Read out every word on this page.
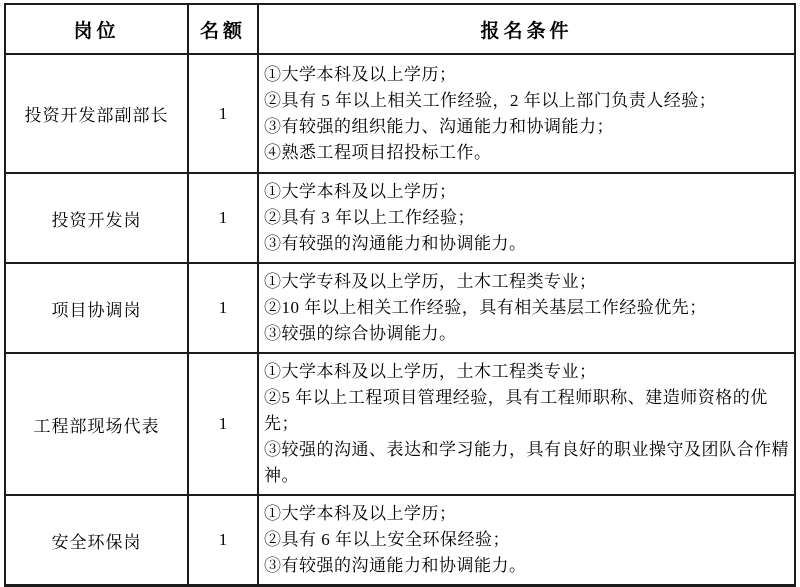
岗位	名额	报名条件
投资开发部副部长	1	①大学本科及以上学历；
②具有 5 年以上相关工作经验，2 年以上部门负责人经验；
③有较强的组织能力、沟通能力和协调能力；
④熟悉工程项目招投标工作。

投资开发岗	1	①大学本科及以上学历；
②具有 3 年以上工作经验；
③有较强的沟通能力和协调能力。

项目协调岗	1	①大学专科及以上学历，土木工程类专业；
②10 年以上相关工作经验，具有相关基层工作经验优先；
③较强的综合协调能力。

工程部现场代表	1	①大学本科及以上学历，土木工程类专业；
②5 年以上工程项目管理经验，具有工程师职称、建造师资格的优先；
③较强的沟通、表达和学习能力，具有良好的职业操守及团队合作精神。

安全环保岗	1	①大学本科及以上学历；
②具有 6 年以上安全环保经验；
③有较强的沟通能力和协调能力。
